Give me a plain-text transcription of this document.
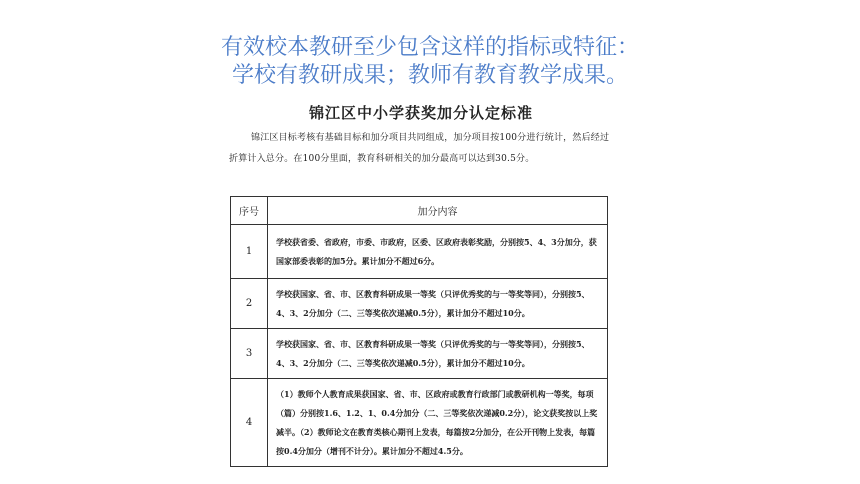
有效校本教研至少包含这样的指标或特征：
学校有教研成果；教师有教育教学成果。
锦江区中小学获奖加分认定标准
锦江区目标考核有基础目标和加分项目共同组成，加分项目按100分进行统计，然后经过折算计入总分。在100分里面，教育科研相关的加分最高可以达到30.5分。
序号	加分内容
1	学校获省委、省政府，市委、市政府，区委、区政府表彰奖励，分别按5、4、3分加分，获国家部委表彰的加5分。累计加分不超过6分。
2	学校获国家、省、市、区教育科研成果一等奖（只评优秀奖的与一等奖等同），分别按5、4、3、2分加分（二、三等奖依次递减0.5分），累计加分不超过10分。
3	学校获国家、省、市、区教育科研成果一等奖（只评优秀奖的与一等奖等同），分别按5、4、3、2分加分（二、三等奖依次递减0.5分），累计加分不超过10分。
4	（1）教师个人教育成果获国家、省、市、区政府或教育行政部门或教研机构一等奖，每项（篇）分别按1.6、1.2、1、0.4分加分（二、三等奖依次递减0.2分），论文获奖按以上奖减半。（2）教师论文在教育类核心期刊上发表，每篇按2分加分，在公开刊物上发表，每篇按0.4分加分（增刊不计分）。累计加分不超过4.5分。
